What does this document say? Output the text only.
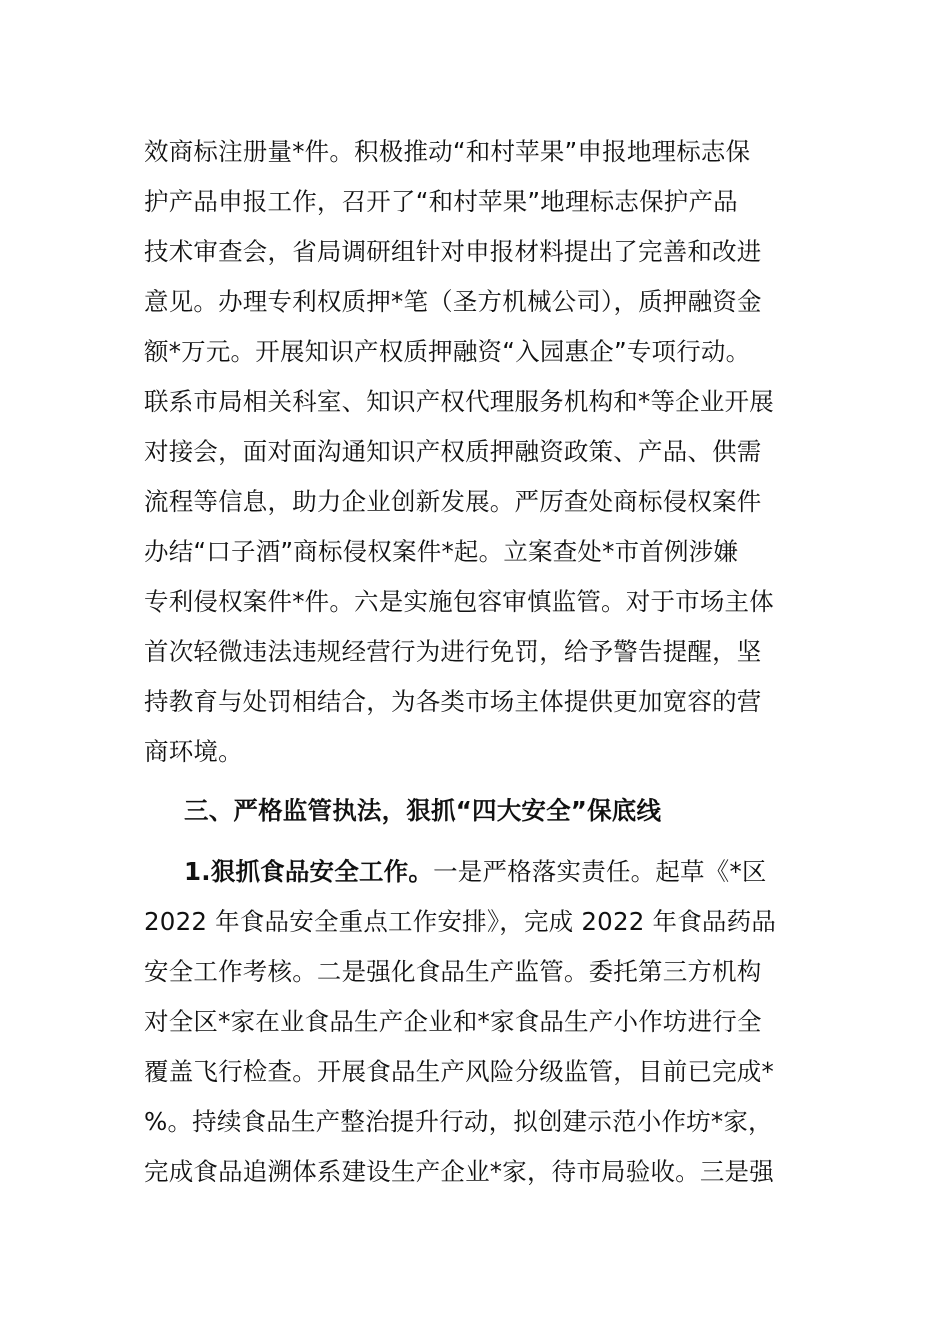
效商标注册量*件。积极推动“和村苹果”申报地理标志保
护产品申报工作，召开了“和村苹果”地理标志保护产品
技术审查会，省局调研组针对申报材料提出了完善和改进
意见。办理专利权质押*笔（圣方机械公司），质押融资金
额*万元。开展知识产权质押融资“入园惠企”专项行动。
联系市局相关科室、知识产权代理服务机构和*等企业开展
对接会，面对面沟通知识产权质押融资政策、产品、供需
流程等信息，助力企业创新发展。严厉查处商标侵权案件
办结“口子酒”商标侵权案件*起。立案查处*市首例涉嫌
专利侵权案件*件。六是实施包容审慎监管。对于市场主体
首次轻微违法违规经营行为进行免罚，给予警告提醒，坚
持教育与处罚相结合，为各类市场主体提供更加宽容的营
商环境。
三、严格监管执法，狠抓“四大安全”保底线
1.狠抓食品安全工作。一是严格落实责任。起草《*区
2022 年食品安全重点工作安排》，完成 2022 年食品药品
安全工作考核。二是强化食品生产监管。委托第三方机构
对全区*家在业食品生产企业和*家食品生产小作坊进行全
覆盖飞行检查。开展食品生产风险分级监管，目前已完成*
%。持续食品生产整治提升行动，拟创建示范小作坊*家，
完成食品追溯体系建设生产企业*家，待市局验收。三是强
